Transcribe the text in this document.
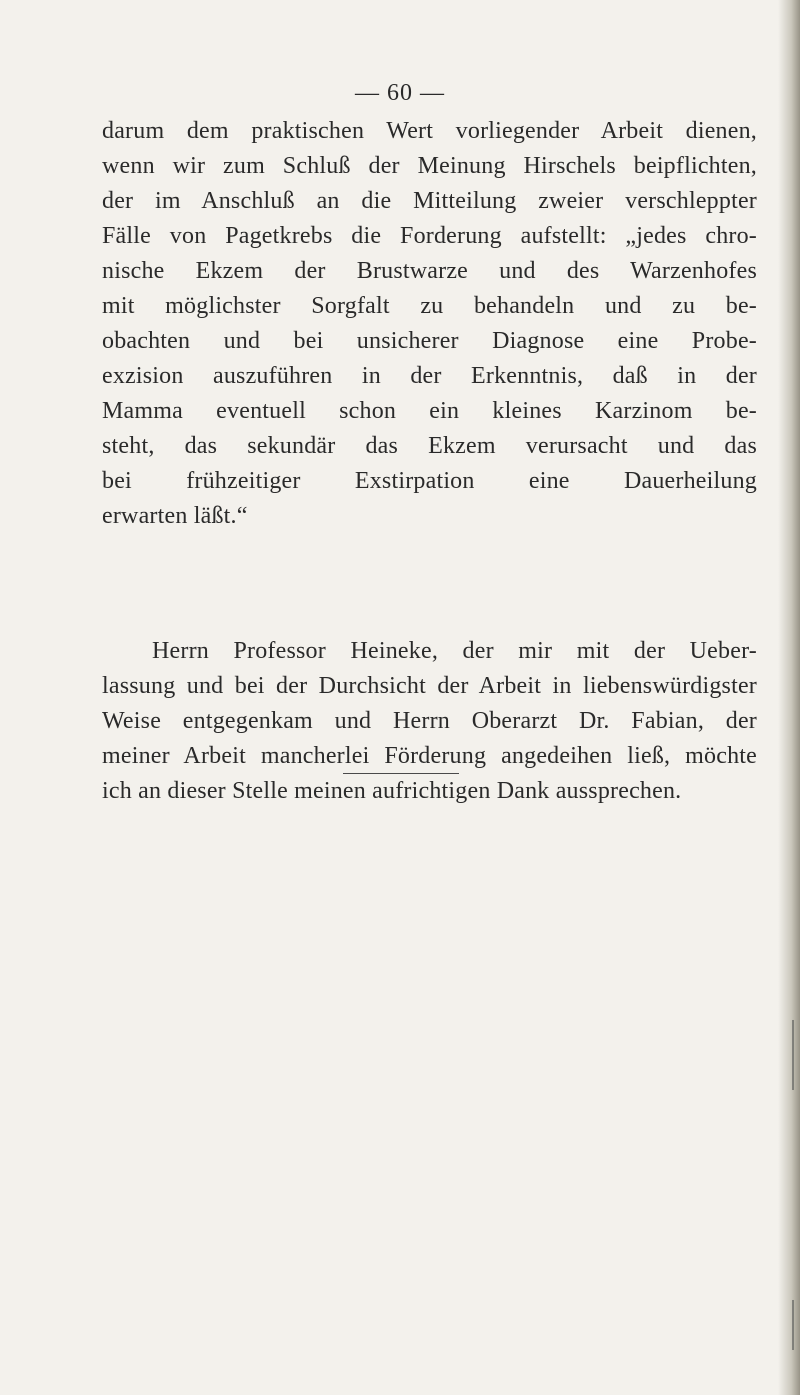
— 60 —
darum dem praktischen Wert vorliegender Arbeit dienen,
wenn wir zum Schluß der Meinung Hirschels beipflichten,
der im Anschluß an die Mitteilung zweier verschleppter
Fälle von Pagetkrebs die Forderung aufstellt: „jedes chro-
nische Ekzem der Brustwarze und des Warzenhofes
mit möglichster Sorgfalt zu behandeln und zu be-
obachten und bei unsicherer Diagnose eine Probe-
exzision auszuführen in der Erkenntnis, daß in der
Mamma eventuell schon ein kleines Karzinom be-
steht, das sekundär das Ekzem verursacht und das
bei frühzeitiger Exstirpation eine Dauerheilung
erwarten läßt.“
Herrn Professor Heineke, der mir mit der Ueber-
lassung und bei der Durchsicht der Arbeit in liebenswürdigster
Weise entgegenkam und Herrn Oberarzt Dr. Fabian, der
meiner Arbeit mancherlei Förderung angedeihen ließ, möchte
ich an dieser Stelle meinen aufrichtigen Dank aussprechen.
